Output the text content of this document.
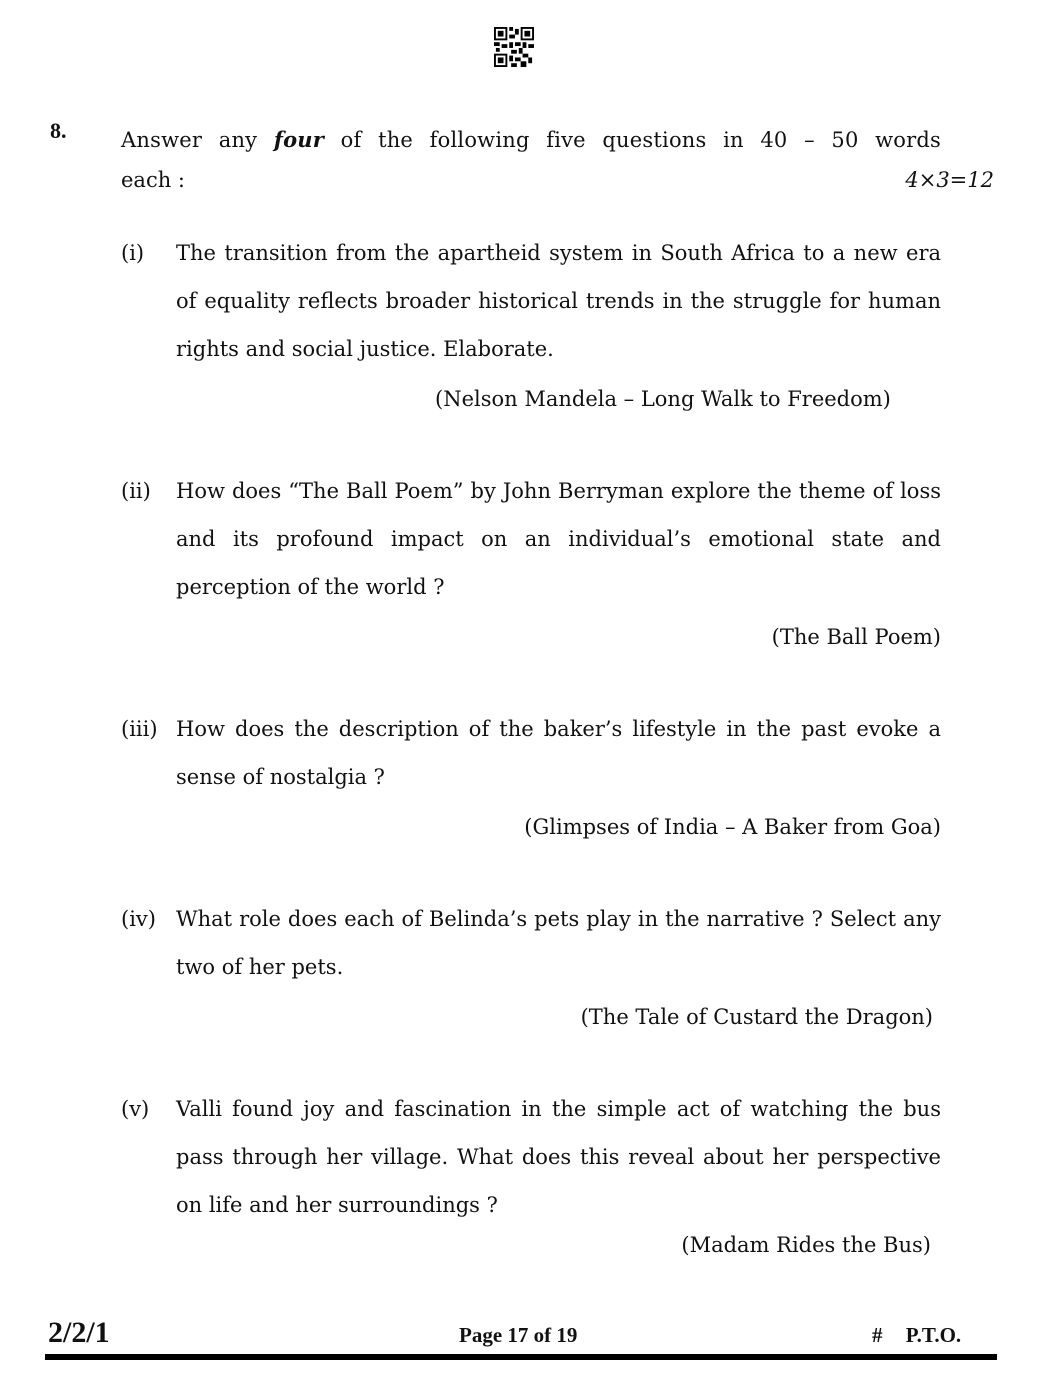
8.	Answer any four of the following five questions in 40 – 50 words
each :	4×3=12
(i) The transition from the apartheid system in South Africa to a new era of equality reflects broader historical trends in the struggle for human rights and social justice. Elaborate.
(Nelson Mandela – Long Walk to Freedom)
(ii) How does “The Ball Poem” by John Berryman explore the theme of loss and its profound impact on an individual’s emotional state and perception of the world ?
(The Ball Poem)
(iii) How does the description of the baker’s lifestyle in the past evoke a sense of nostalgia ?
(Glimpses of India – A Baker from Goa)
(iv) What role does each of Belinda’s pets play in the narrative ? Select any two of her pets.
(The Tale of Custard the Dragon)
(v) Valli found joy and fascination in the simple act of watching the bus pass through her village. What does this reveal about her perspective on life and her surroundings ?
(Madam Rides the Bus)
2/2/1	Page 17 of 19	# P.T.O.
